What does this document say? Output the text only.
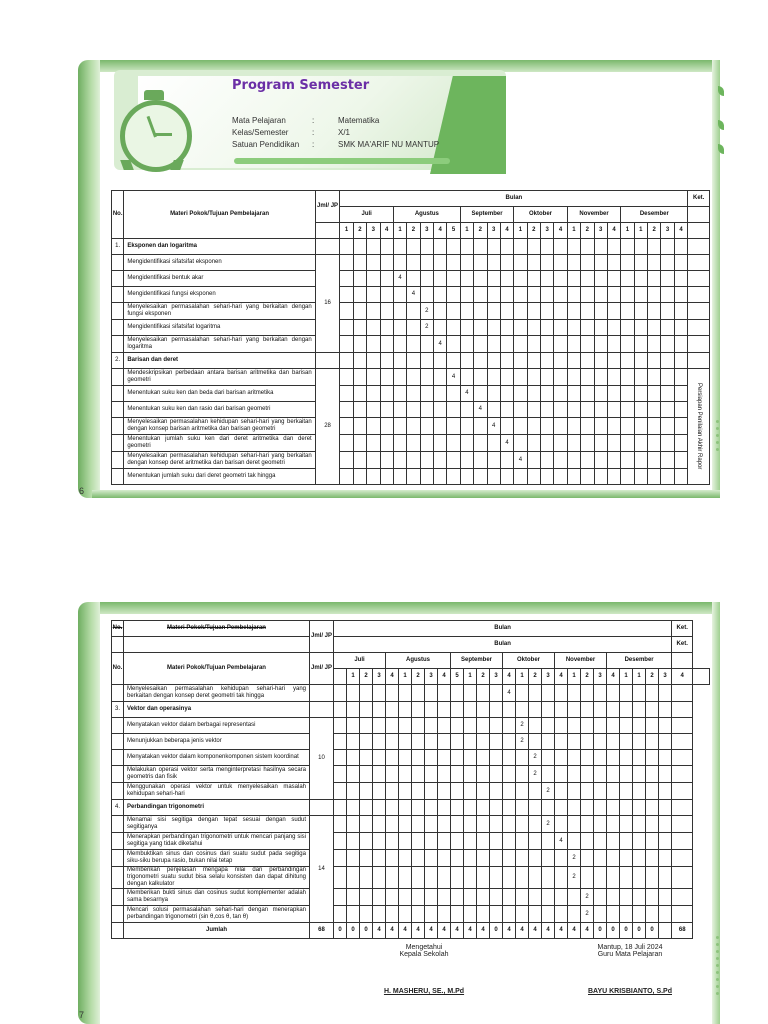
Program Semester
Mata Pelajaran	:	Matematika
Kelas/Semester	:	X/1
Satuan Pendidikan	:	SMK MA'ARIF NU MANTUP
6
No.	Materi Pokok/Tujuan Pembelajaran	Jml/ JP	Bulan																										Ket.
			Juli				Agustus					September				Oktober				November				Desember					
			1	2	3	4	1	2	3	4	5	1	2	3	4	1	2	3	4	1	2	3	4	1	1	2	3	4	
1.	Eksponen dan logaritma																												
	Mengidentifikasi sifatsifat eksponen	16																											
	Mengidentifikasi bentuk akar						4																						
	Mengidentifikasi fungsi eksponen							4																					
	Menyelesaikan permasalahan sehari-hari yang berkaitan dengan fungsi eksponen								2																				
	Mengidentifikasi sifatsifat logaritma								2																				
	Menyelesaikan permasalahan sehari-hari yang berkaitan dengan logaritma									4																			
2.	Barisan dan deret																												
	Mendeskripsikan perbedaan antara barisan aritmetika dan barisan geometri	28									4																		Persiapan Penilaian Akhir Rapor
	Menentukan suku ken dan beda dari barisan aritmetika											4																	
	Menentukan suku ken dan rasio dari barisan geometri												4																
	Menyelesaikan permasalahan kehidupan sehari-hari yang berkaitan dengan konsep barisan aritmetika dan barisan geometri													4															
	Menentukan jumlah suku ken dari deret aritmetika dan deret geometri														4														
	Menyelesaikan permasalahan kehidupan sehari-hari yang berkaitan dengan konsep deret aritmetika dan barisan deret geometri															4													
	Menentukan jumlah suku dari deret geometri tak hingga																												
7
No.	Materi Pokok/Tujuan Pembelajaran	Jml/ JP	Bulan																										Ket.	
			Bulan																										Ket.	
No.	Materi Pokok/Tujuan Pembelajaran	Jml/ JP	Juli				Agustus					September				Oktober				November				Desember						
				1	2	3	4	1	2	3	4	5	1	2	3	4	1	2	3	4	1	2	3	4	1	1	2	3	4	
	Menyelesaikan permasalahan kehidupan sehari-hari yang berkaitan dengan konsep deret geometri tak hingga															4														
3.	Vektor dan operasinya																													
	Menyatakan vektor dalam berbagai representasi	10															2													
	Menunjukkan beberapa jenis vektor																2													
	Menyatakan vektor dalam komponenkomponen sistem koordinat																	2												
	Melakukan operasi vektor serta menginterpretasi hasilnya secara geometris dan fisik																	2												
	Menggunakan operasi vektor untuk menyelesaikan masalah kehidupan sehari-hari																		2											
4.	Perbandingan trigonometri																													
	Menamai sisi segitiga dengan tepat sesuai dengan sudut segitiganya	14																	2											
	Menerapkan perbandingan trigonometri untuk mencari panjang sisi segitiga yang tidak diketahui																			4										
	Membuktikan sinus dan cosinus dari suatu sudut pada segitiga siku-siku berupa rasio, bukan nilai tetap																				2									
	Memberikan penjelasan mengapa nilai dari perbandingan trigonometri suatu sudut bisa selalu konsisten dan dapat dihitung dengan kalkulator																				2									
	Memberikan bukti sinus dan cosinus sudut komplementer adalah sama besarnya																					2								
	Mencari solusi permasalahan sehari-hari dengan menerapkan perbandingan trigonometri (sin θ,cos θ, tan θ)																					2								
	Jumlah	68	0	0	0	4	4	4	4	4	4	4	4	4	0	4	4	4	4	4	4	4	0	0	0	0	0		68	
Mengetahui
Kepala Sekolah
H. MASHERU, SE., M.Pd
Mantup, 18 Juli 2024
Guru Mata Pelajaran
BAYU KRISBIANTO, S.Pd
